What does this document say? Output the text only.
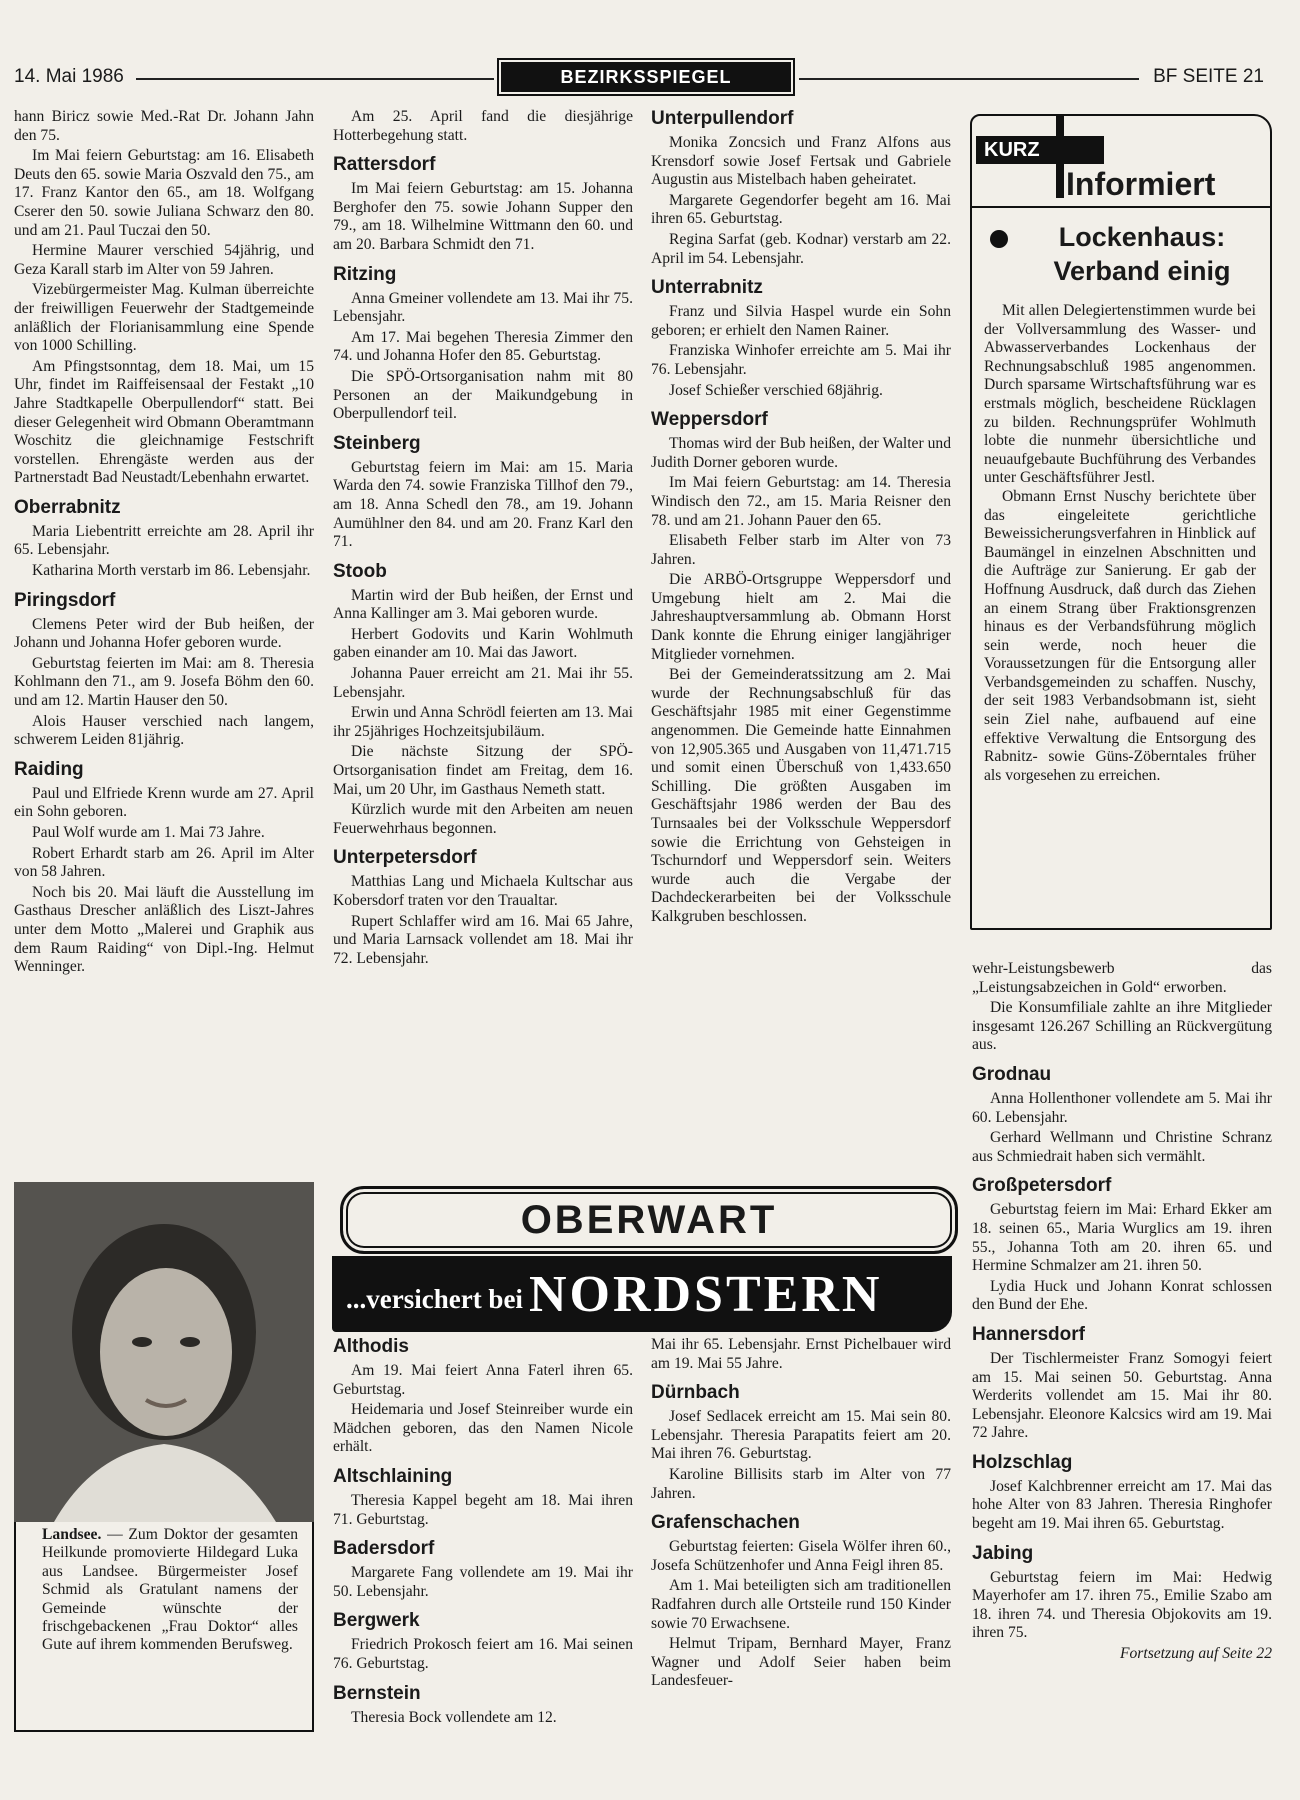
14. Mai 1986	BEZIRKSSPIEGEL	BF SEITE 21

hann Biricz sowie Med.-Rat Dr. Johann Jahn den 75.

Im Mai feiern Geburtstag: am 16. Elisabeth Deuts den 65. sowie Maria Oszvald den 75., am 17. Franz Kantor den 65., am 18. Wolfgang Cserer den 50. sowie Juliana Schwarz den 80. und am 21. Paul Tuczai den 50.

Hermine Maurer verschied 54jährig, und Geza Karall starb im Alter von 59 Jahren.

Vizebürgermeister Mag. Kulman überreichte der freiwilligen Feuerwehr der Stadtgemeinde anläßlich der Florianisammlung eine Spende von 1000 Schilling.

Am Pfingstsonntag, dem 18. Mai, um 15 Uhr, findet im Raiffeisensaal der Festakt „10 Jahre Stadtkapelle Oberpullendorf“ statt. Bei dieser Gelegenheit wird Obmann Oberamtmann Woschitz die gleichnamige Festschrift vorstellen. Ehrengäste werden aus der Partnerstadt Bad Neustadt/Lebenhahn erwartet.

Oberrabnitz

Maria Liebentritt erreichte am 28. April ihr 65. Lebensjahr.

Katharina Morth verstarb im 86. Lebensjahr.

Piringsdorf

Clemens Peter wird der Bub heißen, der Johann und Johanna Hofer geboren wurde.

Geburtstag feierten im Mai: am 8. Theresia Kohlmann den 71., am 9. Josefa Böhm den 60. und am 12. Martin Hauser den 50.

Alois Hauser verschied nach langem, schwerem Leiden 81jährig.

Raiding

Paul und Elfriede Krenn wurde am 27. April ein Sohn geboren.

Paul Wolf wurde am 1. Mai 73 Jahre.

Robert Erhardt starb am 26. April im Alter von 58 Jahren.

Noch bis 20. Mai läuft die Ausstellung im Gasthaus Drescher anläßlich des Liszt-Jahres unter dem Motto „Malerei und Graphik aus dem Raum Raiding“ von Dipl.-Ing. Helmut Wenninger.

Am 25. April fand die diesjährige Hotterbegehung statt.

Rattersdorf

Im Mai feiern Geburtstag: am 15. Johanna Berghofer den 75. sowie Johann Supper den 79., am 18. Wilhelmine Wittmann den 60. und am 20. Barbara Schmidt den 71.

Ritzing

Anna Gmeiner vollendete am 13. Mai ihr 75. Lebensjahr.

Am 17. Mai begehen Theresia Zimmer den 74. und Johanna Hofer den 85. Geburtstag.

Die SPÖ-Ortsorganisation nahm mit 80 Personen an der Maikundgebung in Oberpullendorf teil.

Steinberg

Geburtstag feiern im Mai: am 15. Maria Warda den 74. sowie Franziska Tillhof den 79., am 18. Anna Schedl den 78., am 19. Johann Aumühlner den 84. und am 20. Franz Karl den 71.

Stoob

Martin wird der Bub heißen, der Ernst und Anna Kallinger am 3. Mai geboren wurde.

Herbert Godovits und Karin Wohlmuth gaben einander am 10. Mai das Jawort.

Johanna Pauer erreicht am 21. Mai ihr 55. Lebensjahr.

Erwin und Anna Schrödl feierten am 13. Mai ihr 25jähriges Hochzeitsjubiläum.

Die nächste Sitzung der SPÖ-Ortsorganisation findet am Freitag, dem 16. Mai, um 20 Uhr, im Gasthaus Nemeth statt.

Kürzlich wurde mit den Arbeiten am neuen Feuerwehrhaus begonnen.

Unterpetersdorf

Matthias Lang und Michaela Kultschar aus Kobersdorf traten vor den Traualtar.

Rupert Schlaffer wird am 16. Mai 65 Jahre, und Maria Larnsack vollendet am 18. Mai ihr 72. Lebensjahr.

Unterpullendorf

Monika Zoncsich und Franz Alfons aus Krensdorf sowie Josef Fertsak und Gabriele Augustin aus Mistelbach haben geheiratet.

Margarete Gegendorfer begeht am 16. Mai ihren 65. Geburtstag.

Regina Sarfat (geb. Kodnar) verstarb am 22. April im 54. Lebensjahr.

Unterrabnitz

Franz und Silvia Haspel wurde ein Sohn geboren; er erhielt den Namen Rainer.

Franziska Winhofer erreichte am 5. Mai ihr 76. Lebensjahr.

Josef Schießer verschied 68jährig.

Weppersdorf

Thomas wird der Bub heißen, der Walter und Judith Dorner geboren wurde.

Im Mai feiern Geburtstag: am 14. Theresia Windisch den 72., am 15. Maria Reisner den 78. und am 21. Johann Pauer den 65.

Elisabeth Felber starb im Alter von 73 Jahren.

Die ARBÖ-Ortsgruppe Weppersdorf und Umgebung hielt am 2. Mai die Jahreshauptversammlung ab. Obmann Horst Dank konnte die Ehrung einiger langjähriger Mitglieder vornehmen.

Bei der Gemeinderatssitzung am 2. Mai wurde der Rechnungsabschluß für das Geschäftsjahr 1985 mit einer Gegenstimme angenommen. Die Gemeinde hatte Einnahmen von 12,905.365 und Ausgaben von 11,471.715 und somit einen Überschuß von 1,433.650 Schilling. Die größten Ausgaben im Geschäftsjahr 1986 werden der Bau des Turnsaales bei der Volksschule Weppersdorf sowie die Errichtung von Gehsteigen in Tschurndorf und Weppersdorf sein. Weiters wurde auch die Vergabe der Dachdeckerarbeiten bei der Volksschule Kalkgruben beschlossen.

KURZ
Informiert
Lockenhaus: Verband einig

Mit allen Delegiertenstimmen wurde bei der Vollversammlung des Wasser- und Abwasserverbandes Lockenhaus der Rechnungsabschluß 1985 angenommen. Durch sparsame Wirtschaftsführung war es erstmals möglich, bescheidene Rücklagen zu bilden. Rechnungsprüfer Wohlmuth lobte die nunmehr übersichtliche und neuaufgebaute Buchführung des Verbandes unter Geschäftsführer Jestl.

Obmann Ernst Nuschy berichtete über das eingeleitete gerichtliche Beweissicherungsverfahren in Hinblick auf Baumängel in einzelnen Abschnitten und die Aufträge zur Sanierung. Er gab der Hoffnung Ausdruck, daß durch das Ziehen an einem Strang über Fraktionsgrenzen hinaus es der Verbandsführung möglich sein werde, noch heuer die Voraussetzungen für die Entsorgung aller Verbandsgemeinden zu schaffen. Nuschy, der seit 1983 Verbandsobmann ist, sieht sein Ziel nahe, aufbauend auf eine effektive Verwaltung die Entsorgung des Rabnitz- sowie Güns-Zöberntales früher als vorgesehen zu erreichen.

wehr-Leistungsbewerb das „Leistungsabzeichen in Gold“ erworben.

Die Konsumfiliale zahlte an ihre Mitglieder insgesamt 126.267 Schilling an Rückvergütung aus.

Grodnau

Anna Hollenthoner vollendete am 5. Mai ihr 60. Lebensjahr.

Gerhard Wellmann und Christine Schranz aus Schmiedrait haben sich vermählt.

Großpetersdorf

Geburtstag feiern im Mai: Erhard Ekker am 18. seinen 65., Maria Wurglics am 19. ihren 55., Johanna Toth am 20. ihren 65. und Hermine Schmalzer am 21. ihren 50.

Lydia Huck und Johann Konrat schlossen den Bund der Ehe.

Hannersdorf

Der Tischlermeister Franz Somogyi feiert am 15. Mai seinen 50. Geburtstag. Anna Werderits vollendet am 15. Mai ihr 80. Lebensjahr. Eleonore Kalcsics wird am 19. Mai 72 Jahre.

Holzschlag

Josef Kalchbrenner erreicht am 17. Mai das hohe Alter von 83 Jahren. Theresia Ringhofer begeht am 19. Mai ihren 65. Geburtstag.

Jabing

Geburtstag feiern im Mai: Hedwig Mayerhofer am 17. ihren 75., Emilie Szabo am 18. ihren 74. und Theresia Objokovits am 19. ihren 75.

Fortsetzung auf Seite 22

Landsee. — Zum Doktor der gesamten Heilkunde promovierte Hildegard Luka aus Landsee. Bürgermeister Josef Schmid als Gratulant namens der Gemeinde wünschte der frischgebackenen „Frau Doktor“ alles Gute auf ihrem kommenden Berufsweg.
OBERWART
...versichert bei NORDSTERN
Althodis

Am 19. Mai feiert Anna Faterl ihren 65. Geburtstag.

Heidemaria und Josef Steinreiber wurde ein Mädchen geboren, das den Namen Nicole erhält.

Altschlaining

Theresia Kappel begeht am 18. Mai ihren 71. Geburtstag.

Badersdorf

Margarete Fang vollendete am 19. Mai ihr 50. Lebensjahr.

Bergwerk

Friedrich Prokosch feiert am 16. Mai seinen 76. Geburtstag.

Bernstein

Theresia Bock vollendete am 12.

Mai ihr 65. Lebensjahr. Ernst Pichelbauer wird am 19. Mai 55 Jahre.

Dürnbach

Josef Sedlacek erreicht am 15. Mai sein 80. Lebensjahr. Theresia Parapatits feiert am 20. Mai ihren 76. Geburtstag.

Karoline Billisits starb im Alter von 77 Jahren.

Grafenschachen

Geburtstag feierten: Gisela Wölfer ihren 60., Josefa Schützenhofer und Anna Feigl ihren 85.

Am 1. Mai beteiligten sich am traditionellen Radfahren durch alle Ortsteile rund 150 Kinder sowie 70 Erwachsene.

Helmut Tripam, Bernhard Mayer, Franz Wagner und Adolf Seier haben beim Landesfeuer-
